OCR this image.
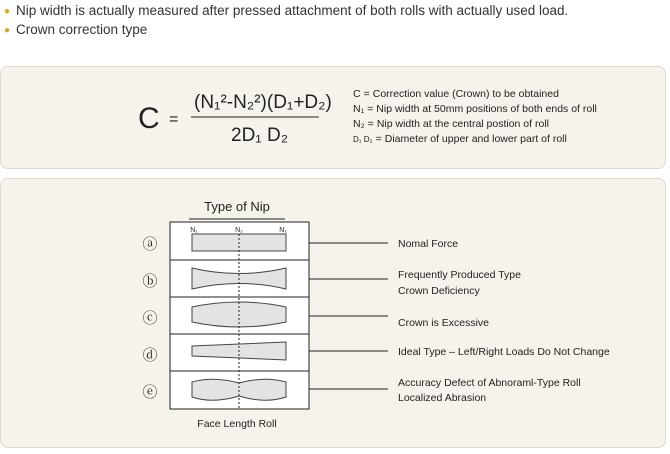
● Nip width is actually measured after pressed attachment of both rolls with actually used load.
● Crown correction type
C =
(N₁²-N₂²)(D₁+D₂)
2D₁ D₂
C = Correction value (Crown) to be obtained
N₁ = Nip width at 50mm positions of both ends of roll
N₂ = Nip width at the central postion of roll
D₁ D₂ = Diameter of upper and lower part of roll
Type of Nip
N₁	N₂	N₁
ⓐ
ⓑ
ⓒ
ⓓ
ⓔ
Nomal Force
Frequently Produced Type
Crown Deficiency
Crown is Excessive
Ideal Type – Left/Right Loads Do Not Change
Accuracy Defect of Abnoraml-Type Roll
Localized Abrasion
Face Length Roll
